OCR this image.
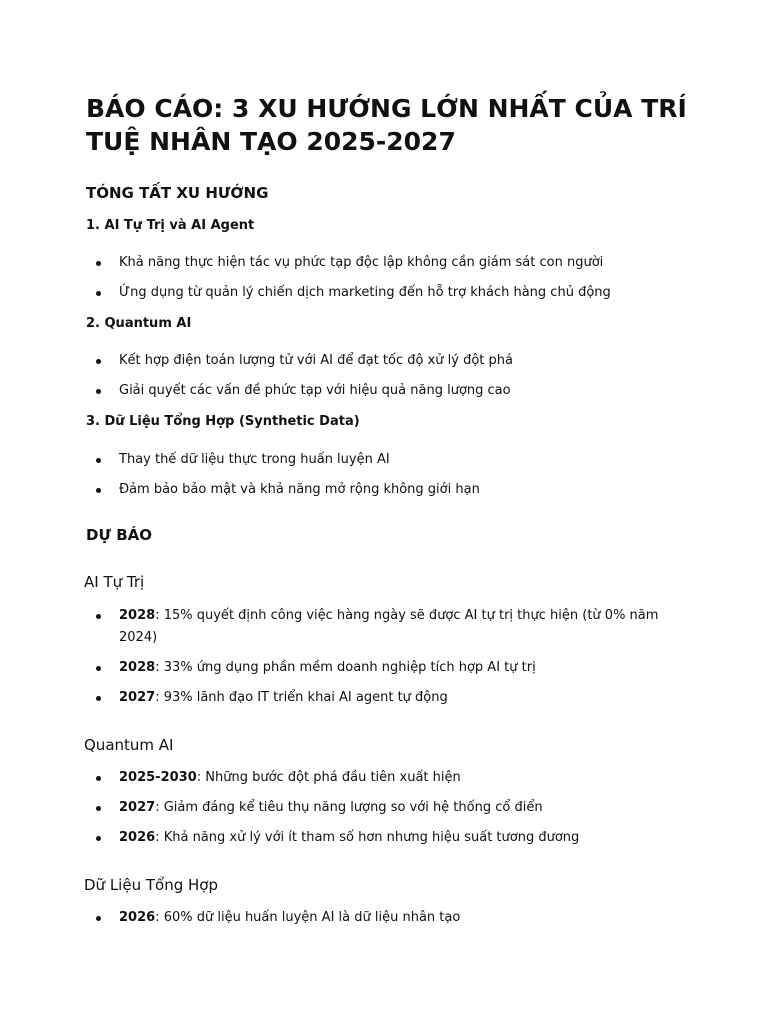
BÁO CÁO: 3 XU HƯỚNG LỚN NHẤT CỦA TRÍ TUỆ NHÂN TẠO 2025-2027
TÓNG TẤT XU HƯỚNG
1. AI Tự Trị và AI Agent
Khả năng thực hiện tác vụ phức tạp độc lập không cần giám sát con người
Ứng dụng từ quản lý chiến dịch marketing đến hỗ trợ khách hàng chủ động
2. Quantum AI
Kết hợp điện toán lượng tử với AI để đạt tốc độ xử lý đột phá
Giải quyết các vấn đề phức tạp với hiệu quả năng lượng cao
3. Dữ Liệu Tổng Hợp (Synthetic Data)
Thay thế dữ liệu thực trong huấn luyện AI
Đảm bảo bảo mật và khả năng mở rộng không giới hạn
DỰ BÁO
AI Tự Trị
2028: 15% quyết định công việc hàng ngày sẽ được AI tự trị thực hiện (từ 0% năm 2024)
2028: 33% ứng dụng phần mềm doanh nghiệp tích hợp AI tự trị
2027: 93% lãnh đạo IT triển khai AI agent tự động
Quantum AI
2025-2030: Những bước đột phá đầu tiên xuất hiện
2027: Giảm đáng kể tiêu thụ năng lượng so với hệ thống cổ điển
2026: Khả năng xử lý với ít tham số hơn nhưng hiệu suất tương đương
Dữ Liệu Tổng Hợp
2026: 60% dữ liệu huấn luyện AI là dữ liệu nhân tạo
